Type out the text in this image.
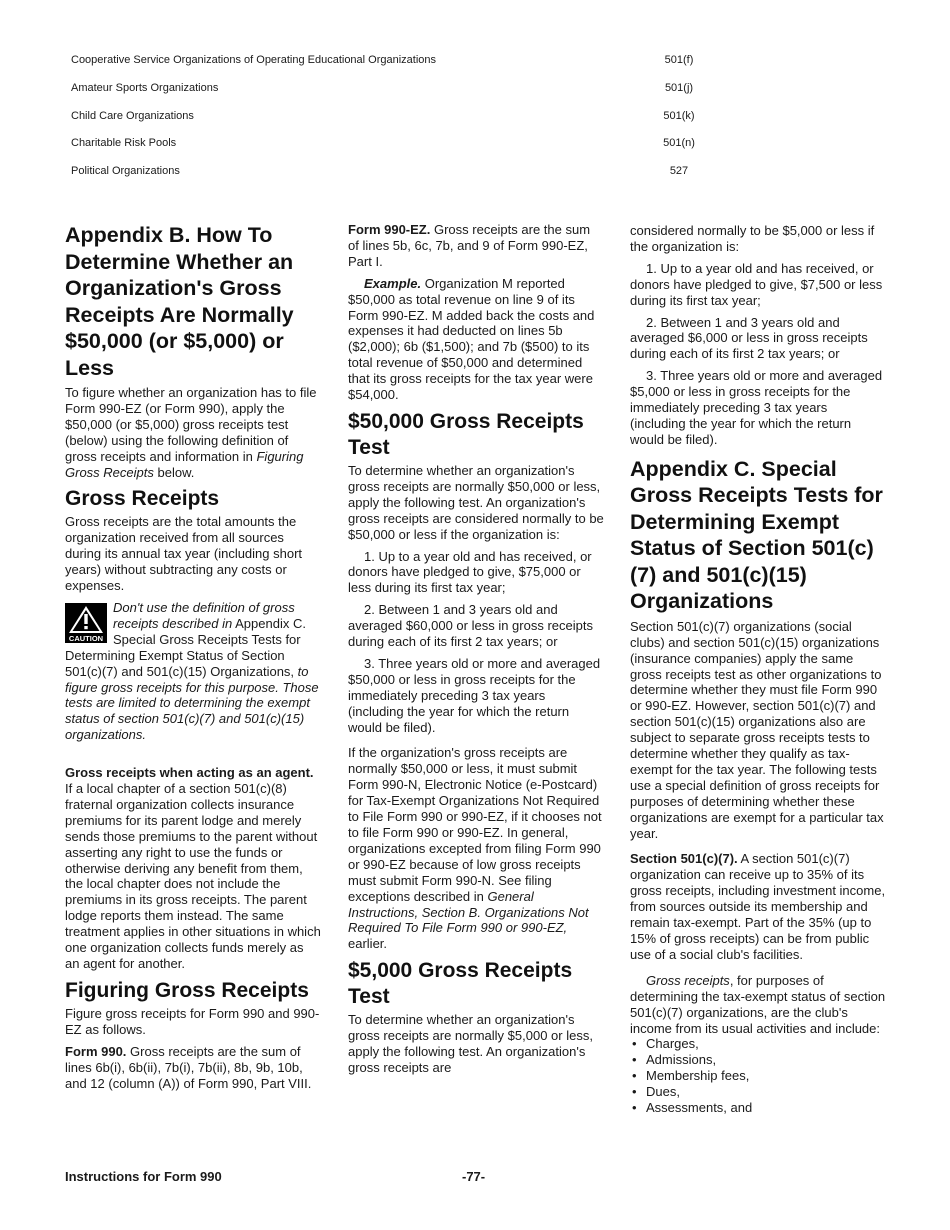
Cooperative Service Organizations of Operating Educational Organizations	501(f)
Amateur Sports Organizations	501(j)
Child Care Organizations	501(k)
Charitable Risk Pools	501(n)
Political Organizations	527
Appendix B. How To Determine Whether an Organization's Gross Receipts Are Normally $50,000 (or $5,000) or Less

To figure whether an organization has to file Form 990-EZ (or Form 990), apply the $50,000 (or $5,000) gross receipts test (below) using the following definition of gross receipts and information in Figuring Gross Receipts below.

Gross Receipts

Gross receipts are the total amounts the organization received from all sources during its annual tax year (including short years) without subtracting any costs or expenses.

CAUTION
Don't use the definition of gross receipts described in Appendix C. Special Gross Receipts Tests for Determining Exempt Status of Section 501(c)(7) and 501(c)(15) Organizations, to figure gross receipts for this purpose. Those tests are limited to determining the exempt status of section 501(c)(7) and 501(c)(15) organizations.

Gross receipts when acting as an agent. If a local chapter of a section 501(c)(8) fraternal organization collects insurance premiums for its parent lodge and merely sends those premiums to the parent without asserting any right to use the funds or otherwise deriving any benefit from them, the local chapter does not include the premiums in its gross receipts. The parent lodge reports them instead. The same treatment applies in other situations in which one organization collects funds merely as an agent for another.

Figuring Gross Receipts

Figure gross receipts for Form 990 and 990-EZ as follows.

Form 990. Gross receipts are the sum of lines 6b(i), 6b(ii), 7b(i), 7b(ii), 8b, 9b, 10b, and 12 (column (A)) of Form 990, Part VIII.

Form 990-EZ. Gross receipts are the sum of lines 5b, 6c, 7b, and 9 of Form 990-EZ, Part I.

Example. Organization M reported $50,000 as total revenue on line 9 of its Form 990-EZ. M added back the costs and expenses it had deducted on lines 5b ($2,000); 6b ($1,500); and 7b ($500) to its total revenue of $50,000 and determined that its gross receipts for the tax year were $54,000.

$50,000 Gross Receipts Test

To determine whether an organization's gross receipts are normally $50,000 or less, apply the following test. An organization's gross receipts are considered normally to be $50,000 or less if the organization is:

1. Up to a year old and has received, or donors have pledged to give, $75,000 or less during its first tax year;

2. Between 1 and 3 years old and averaged $60,000 or less in gross receipts during each of its first 2 tax years; or

3. Three years old or more and averaged $50,000 or less in gross receipts for the immediately preceding 3 tax years (including the year for which the return would be filed).

If the organization's gross receipts are normally $50,000 or less, it must submit Form 990-N, Electronic Notice (e-Postcard) for Tax-Exempt Organizations Not Required to File Form 990 or 990-EZ, if it chooses not to file Form 990 or 990-EZ. In general, organizations excepted from filing Form 990 or 990-EZ because of low gross receipts must submit Form 990-N. See filing exceptions described in General Instructions, Section B. Organizations Not Required To File Form 990 or 990-EZ, earlier.

$5,000 Gross Receipts Test

To determine whether an organization's gross receipts are normally $5,000 or less, apply the following test. An organization's gross receipts are

considered normally to be $5,000 or less if the organization is:

1. Up to a year old and has received, or donors have pledged to give, $7,500 or less during its first tax year;

2. Between 1 and 3 years old and averaged $6,000 or less in gross receipts during each of its first 2 tax years; or

3. Three years old or more and averaged $5,000 or less in gross receipts for the immediately preceding 3 tax years (including the year for which the return would be filed).

Appendix C. Special Gross Receipts Tests for Determining Exempt Status of Section 501(c)(7) and 501(c)(15) Organizations

Section 501(c)(7) organizations (social clubs) and section 501(c)(15) organizations (insurance companies) apply the same gross receipts test as other organizations to determine whether they must file Form 990 or 990-EZ. However, section 501(c)(7) and section 501(c)(15) organizations also are subject to separate gross receipts tests to determine whether they qualify as tax-exempt for the tax year. The following tests use a special definition of gross receipts for purposes of determining whether these organizations are exempt for a particular tax year.

Section 501(c)(7). A section 501(c)(7) organization can receive up to 35% of its gross receipts, including investment income, from sources outside its membership and remain tax-exempt. Part of the 35% (up to 15% of gross receipts) can be from public use of a social club's facilities.

Gross receipts, for purposes of determining the tax-exempt status of section 501(c)(7) organizations, are the club's income from its usual activities and include:

• Charges,
• Admissions,
• Membership fees,
• Dues,
• Assessments, and
Instructions for Form 990	-77-
